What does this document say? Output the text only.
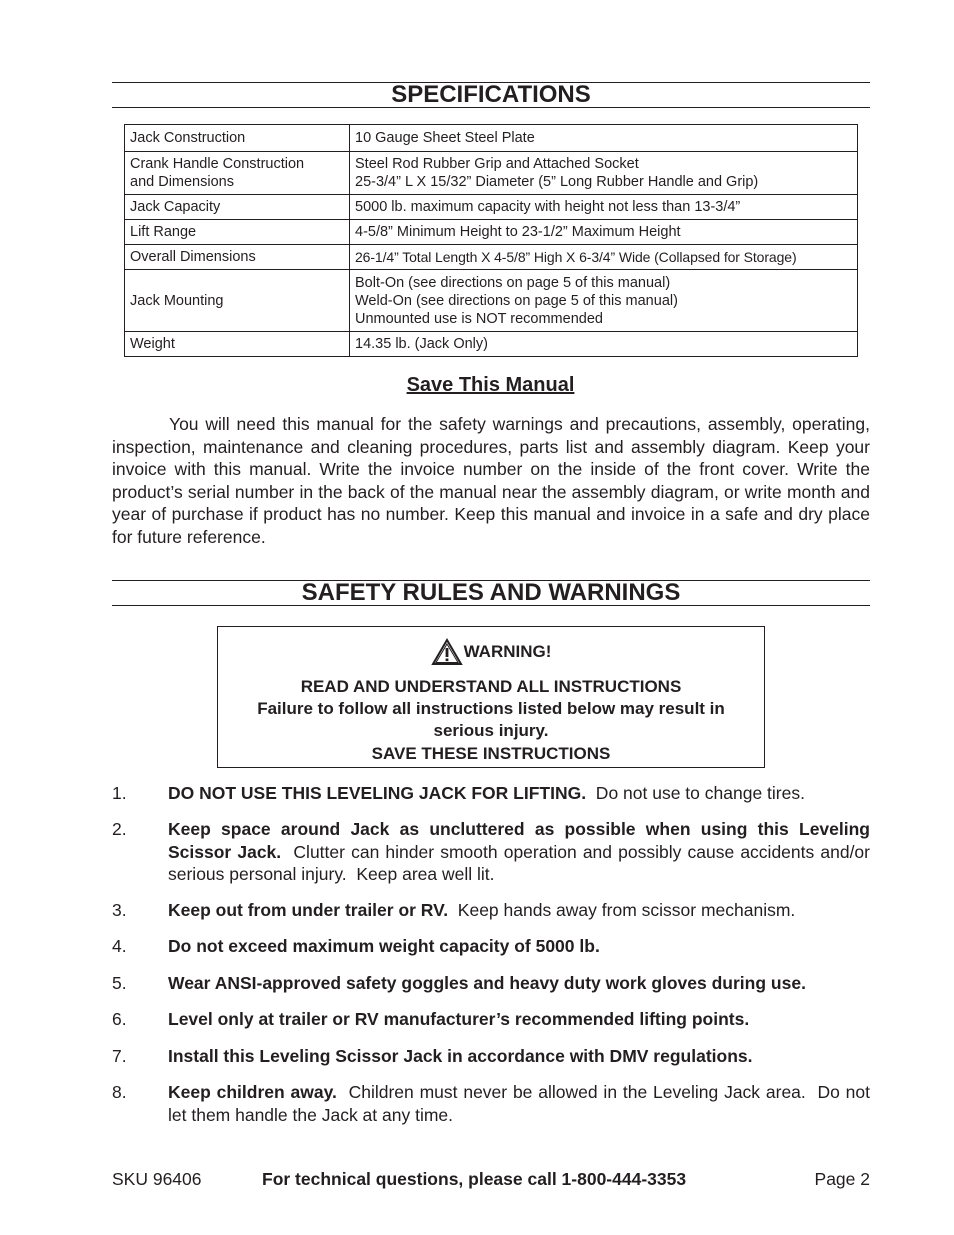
SPECIFICATIONS
Jack Construction	10 Gauge Sheet Steel Plate
Crank Handle Construction
and Dimensions	Steel Rod Rubber Grip and Attached Socket
25-3/4” L X 15/32” Diameter (5” Long Rubber Handle and Grip)
Jack Capacity	5000 lb. maximum capacity with height not less than 13-3/4”
Lift Range	4-5/8” Minimum Height to 23-1/2” Maximum Height
Overall Dimensions	26-1/4” Total Length X 4-5/8” High X 6-3/4” Wide (Collapsed for Storage)
Jack Mounting	Bolt-On (see directions on page 5 of this manual)
Weld-On (see directions on page 5 of this manual)
Unmounted use is NOT recommended
Weight	14.35 lb. (Jack Only)
Save This Manual

You will need this manual for the safety warnings and precautions, assembly, operating, inspection, maintenance and cleaning procedures, parts list and assembly diagram. Keep your invoice with this manual. Write the invoice number on the inside of the front cover. Write the product’s serial number in the back of the manual near the assembly diagram, or write month and year of purchase if product has no number. Keep this manual and invoice in a safe and dry place for future reference.

SAFETY RULES AND WARNINGS
WARNING!
READ AND UNDERSTAND ALL INSTRUCTIONS
Failure to follow all instructions listed below may result in
serious injury.
SAVE THESE INSTRUCTIONS
1.	DO NOT USE THIS LEVELING JACK FOR LIFTING.  Do not use to change tires.
2.	Keep space around Jack as uncluttered as possible when using this Leveling Scissor Jack.  Clutter can hinder smooth operation and possibly cause accidents and/or serious personal injury.  Keep area well lit.
3.	Keep out from under trailer or RV.  Keep hands away from scissor mechanism.
4.	Do not exceed maximum weight capacity of 5000 lb.
5.	Wear ANSI-approved safety goggles and heavy duty work gloves during use.
6.	Level only at trailer or RV manufacturer’s recommended lifting points.
7.	Install this Leveling Scissor Jack in accordance with DMV regulations.
8.	Keep children away.  Children must never be allowed in the Leveling Jack area.  Do not let them handle the Jack at any time.
SKU 96406	For technical questions, please call 1-800-444-3353	Page 2
